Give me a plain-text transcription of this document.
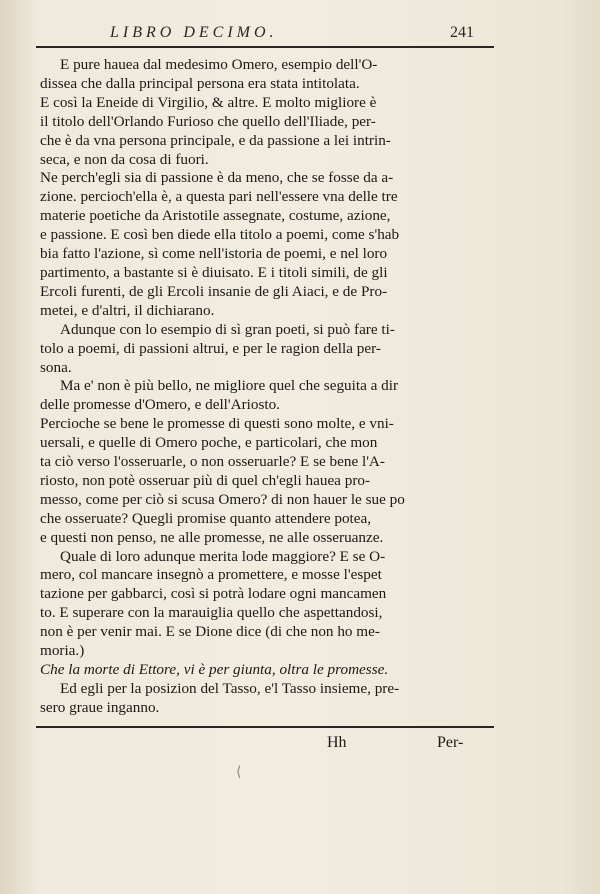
LIBRO DECIMO.	241
E pure hauea dal medesimo Omero, esempio dell'O-
dissea che dalla principal persona era stata intitolata.
E così la Eneide di Virgilio, & altre. E molto migliore è
il titolo dell'Orlando Furioso che quello dell'Iliade, per-
che è da vna persona principale, e da passione a lei intrin-
seca, e non da cosa di fuori.
Ne perch'egli sia di passione è da meno, che se fosse da a-
zione. percioch'ella è, a questa pari nell'essere vna delle tre
materie poetiche da Aristotile assegnate, costume, azione,
e passione. E così ben diede ella titolo a poemi, come s'hab
bia fatto l'azione, sì come nell'istoria de poemi, e nel loro
partimento, a bastante si è diuisato. E i titoli simili, de gli
Ercoli furenti, de gli Ercoli insanie de gli Aiaci, e de Pro-
metei, e d'altri, il dichiarano.
Adunque con lo esempio di sì gran poeti, si può fare ti-
tolo a poemi, di passioni altrui, e per le ragion della per-
sona.
Ma e' non è più bello, ne migliore quel che seguita a dir
delle promesse d'Omero, e dell'Ariosto.
Percioche se bene le promesse di questi sono molte, e vni-
uersali, e quelle di Omero poche, e particolari, che mon
ta ciò verso l'osseruarle, o non osseruarle? E se bene l'A-
riosto, non potè osseruar più di quel ch'egli hauea pro-
messo, come per ciò si scusa Omero? di non hauer le sue po
che osseruate? Quegli promise quanto attendere potea,
e questi non penso, ne alle promesse, ne alle osseruanze.
Quale di loro adunque merita lode maggiore? E se O-
mero, col mancare insegnò a promettere, e mosse l'espet
tazione per gabbarci, così si potrà lodare ogni mancamen
to. E superare con la marauiglia quello che aspettandosi,
non è per venir mai. E se Dione dice (di che non ho me-
moria.)
Che la morte di Ettore, vi è per giunta, oltra le promesse.
Ed egli per la posizion del Tasso, e'l Tasso insieme, pre-
sero graue inganno.
Hh	Per-
⟨
